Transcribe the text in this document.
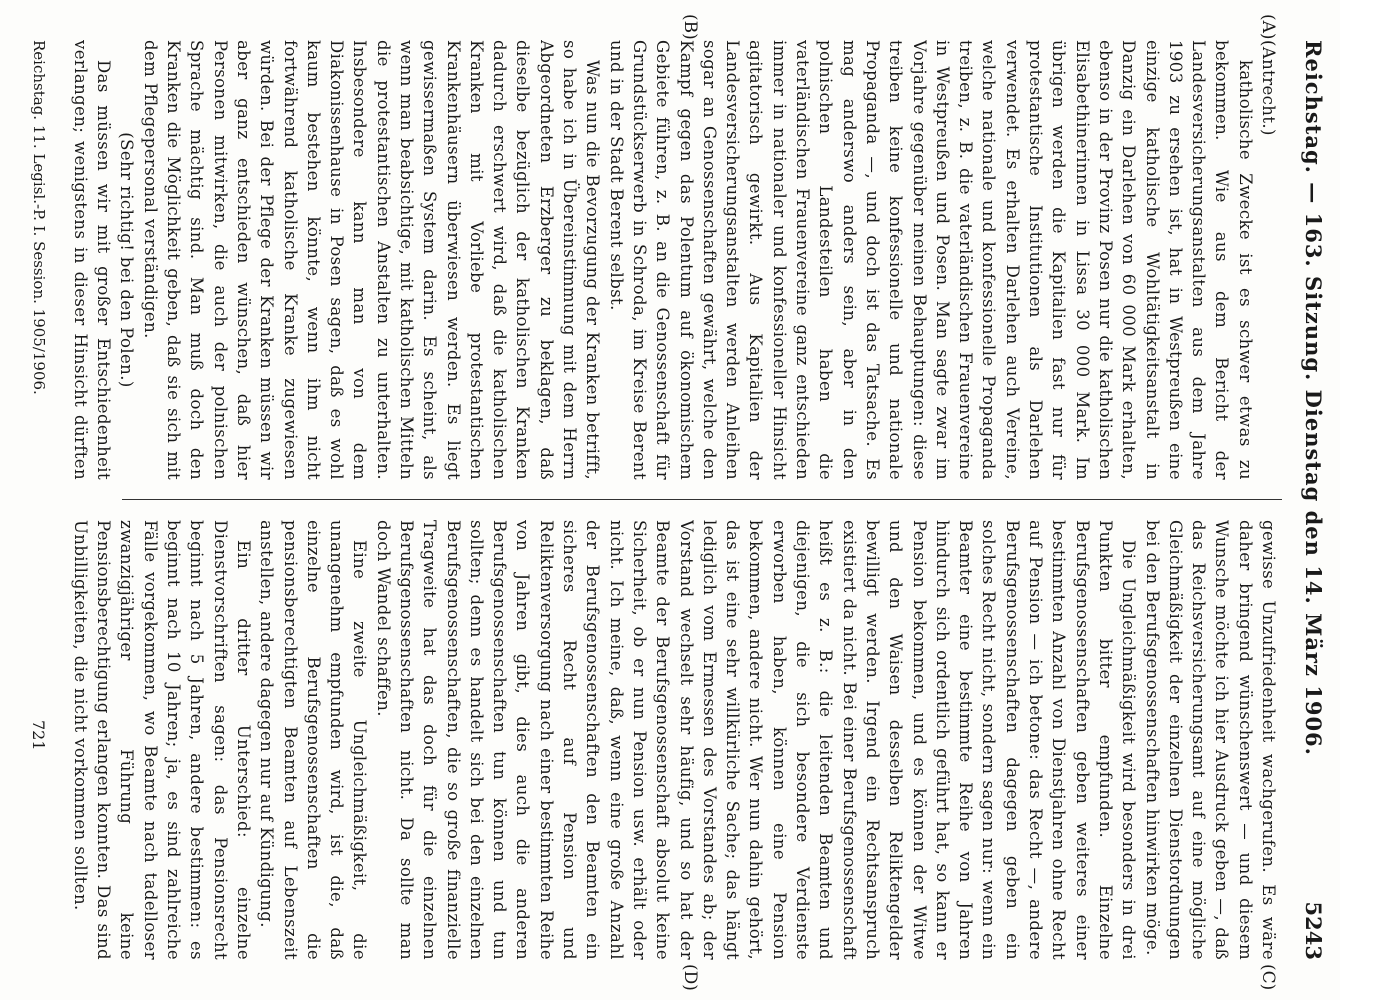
Reichstag. — 163. Sitzung. Dienstag den 14. März 1906.
5243
(A)
(B)
(C)
(D)

(Antrecht.)

katholische Zwecke ist es schwer etwas zu bekommen. Wie aus dem Bericht der Landesversicherungsanstalten aus dem Jahre 1903 zu ersehen ist, hat in Westpreußen eine einzige katholische Wohltätigkeitsanstalt in Danzig ein Darlehen von 60 000 Mark erhalten, ebenso in der Provinz Posen nur die katholischen Elisabethinerinnen in Lissa 30 000 Mark. Im übrigen werden die Kapitalien fast nur für protestantische Institutionen als Darlehen verwendet. Es erhalten Darlehen auch Vereine, welche nationale und konfessionelle Propaganda treiben, z. B. die vaterländischen Frauenvereine in Westpreußen und Posen. Man sagte zwar im Vorjahre gegenüber meinen Behauptungen: diese treiben keine konfessionelle und nationale Propaganda —, und doch ist das Tatsache. Es mag anderswo anders sein, aber in den polnischen Landesteilen haben die vaterländischen Frauenvereine ganz entschieden immer in nationaler und konfessioneller Hinsicht agitatorisch gewirkt. Aus Kapitalien der Landesversicherungsanstalten werden Anleihen sogar an Genossenschaften gewährt, welche den Kampf gegen das Polentum auf ökonomischem Gebiete führen, z. B. an die Genossenschaft für Grundstückserwerb in Schroda, im Kreise Berent und in der Stadt Berent selbst.

Was nun die Bevorzugung der Kranken betrifft, so habe ich in Übereinstimmung mit dem Herrn Abgeordneten Erzberger zu beklagen, daß dieselbe bezüglich der katholischen Kranken dadurch erschwert wird, daß die katholischen Kranken mit Vorliebe protestantischen Krankenhäusern überwiesen werden. Es liegt gewissermaßen System darin. Es scheint, als wenn man beabsichtige, mit katholischen Mitteln die protestantischen Anstalten zu unterhalten. Insbesondere kann man von dem Diakonissenhause in Posen sagen, daß es wohl kaum bestehen könnte, wenn ihm nicht fortwährend katholische Kranke zugewiesen würden. Bei der Pflege der Kranken müssen wir aber ganz entschieden wünschen, daß hier Personen mitwirken, die auch der polnischen Sprache mächtig sind. Man muß doch den Kranken die Möglichkeit geben, daß sie sich mit dem Pflegepersonal verständigen.

(Sehr richtig! bei den Polen.)

Das müssen wir mit großer Entschiedenheit verlangen; wenigstens in dieser Hinsicht dürften

gewisse Unzufriedenheit wachgerufen. Es wäre daher bringend wünschenswert — und diesem Wunsche möchte ich hier Ausdruck geben —, daß das Reichsversicherungsamt auf eine mögliche Gleichmäßigkeit der einzelnen Dienstordnungen bei den Berufsgenossenschaften hinwirken möge.

Die Ungleichmäßigkeit wird besonders in drei Punkten bitter empfunden. Einzelne Berufsgenossenschaften geben weiteres einer bestimmten Anzahl von Dienstjahren ohne Recht auf Pension — ich betone: das Recht —, andere Berufsgenossenschaften dagegen geben ein solches Recht nicht, sondern sagen nur: wenn ein Beamter eine bestimmte Reihe von Jahren hindurch sich ordentlich geführt hat, so kann er Pension bekommen, und es können der Witwe und den Waisen desselben Reliktengelder bewilligt werden. Irgend ein Rechtsanspruch existiert da nicht. Bei einer Berufsgenossenschaft heißt es z. B.: die leitenden Beamten und diejenigen, die sich besondere Verdienste erworben haben, können eine Pension bekommen, andere nicht. Wer nun dahin gehört, das ist eine sehr willkürliche Sache; das hängt lediglich vom Ermessen des Vorstandes ab; der Vorstand wechselt sehr häufig, und so hat der Beamte der Berufsgenossenschaft absolut keine Sicherheit, ob er nun Pension usw. erhält oder nicht. Ich meine, daß, wenn eine große Anzahl der Berufsgenossenschaften den Beamten ein sicheres Recht auf Pension und Reliktenversorgung nach einer bestimmten Reihe von Jahren gibt, dies auch die anderen Berufsgenossenschaften tun können und tun sollten; denn es handelt sich bei den einzelnen Berufsgenossenschaften, die so große finanzielle Tragweite hat das doch für die einzelnen Berufsgenossenschaften nicht. Da sollte man doch Wandel schaffen.

Eine zweite Ungleichmäßigkeit, die unangenehm empfunden wird, ist die, daß einzelne Berufsgenossenschaften die pensionsberechtigten Beamten auf Lebenszeit anstellen, andere dagegen nur auf Kündigung.

Ein dritter Unterschied: einzelne Dienstvorschriften sagen: das Pensionsrecht beginnt nach 5 Jahren, andere bestimmen: es beginnt nach 10 Jahren; ja, es sind zahlreiche Fälle vorgekommen, wo Beamte nach tadelloser zwanzigjähriger Führung keine Pensionsberechtigung erlangen konnten. Das sind Unbilligkeiten, die nicht vorkommen sollten.

Reichstag. 11. Legisl.-P. I. Session. 1905/1906.
721
